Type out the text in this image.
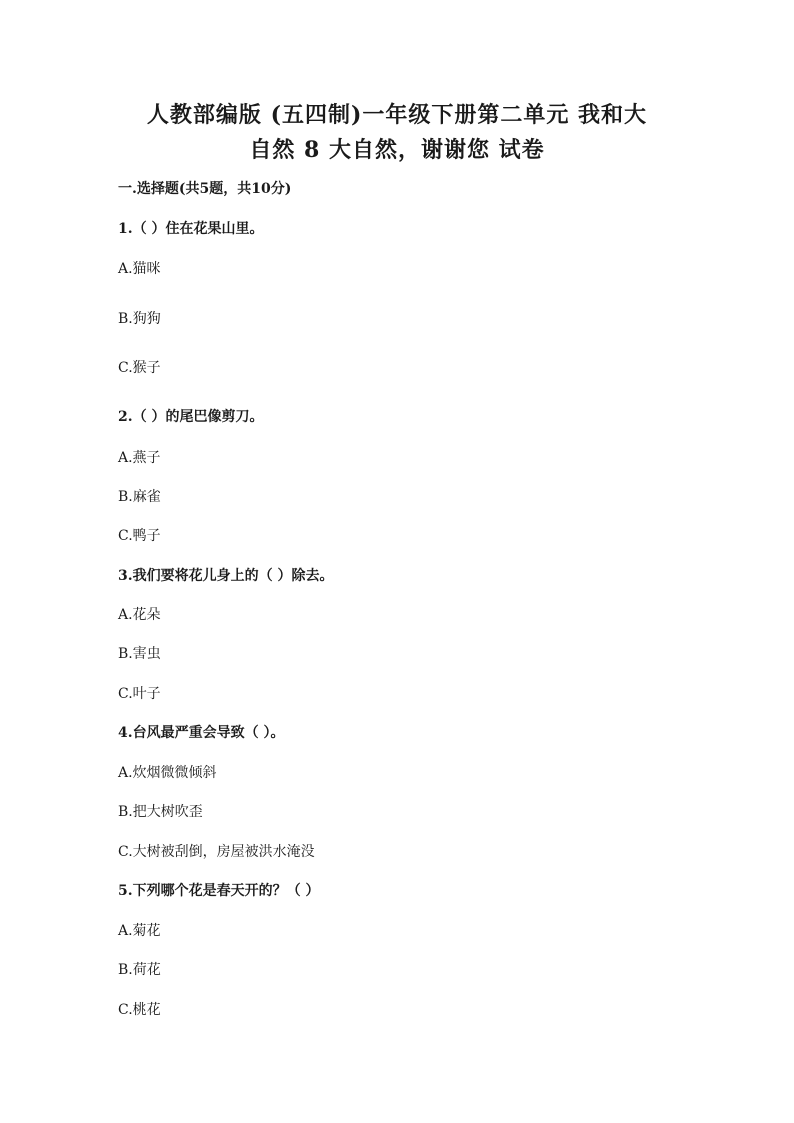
人教部编版 (五四制)一年级下册第二单元 我和大
自然 8 大自然，谢谢您 试卷
一.选择题(共5题，共10分)
1.（ ）住在花果山里。
A.猫咪
B.狗狗
C.猴子
2.（ ）的尾巴像剪刀。
A.燕子
B.麻雀
C.鸭子
3.我们要将花儿身上的（ ）除去。
A.花朵
B.害虫
C.叶子
4.台风最严重会导致（ ）。
A.炊烟微微倾斜
B.把大树吹歪
C.大树被刮倒，房屋被洪水淹没
5.下列哪个花是春天开的？（ ）
A.菊花
B.荷花
C.桃花
